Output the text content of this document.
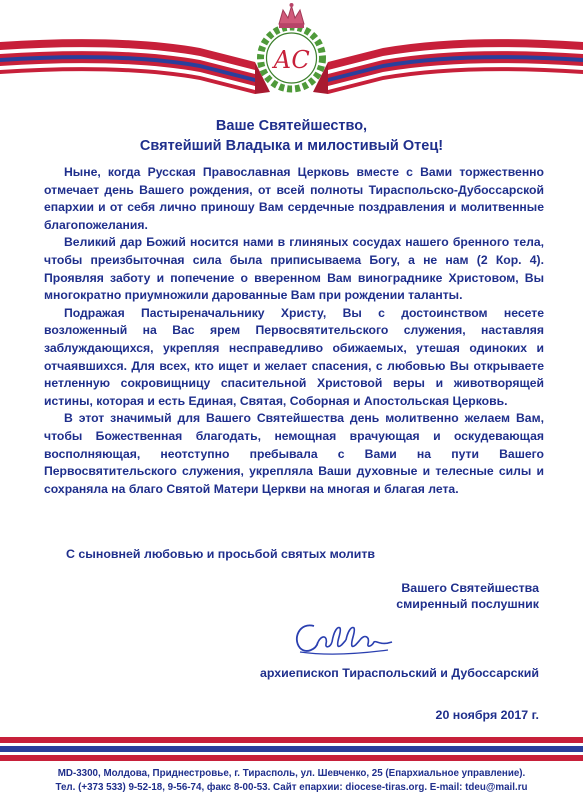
АС
Ваше Святейшество,
Святейший Владыка и милостивый Отец!

Ныне, когда Русская Православная Церковь вместе с Вами торжественно отмечает день Вашего рождения, от всей полноты Тираспольско-Дубоссарской епархии и от себя лично приношу Вам сердечные поздравления и молитвенные благопожелания.

Великий дар Божий носится нами в глиняных сосудах нашего бренного тела, чтобы преизбыточная сила была приписываема Богу, а не нам (2 Кор. 4). Проявляя заботу и попечение о вверенном Вам винограднике Христовом, Вы многократно приумножили дарованные Вам при рождении таланты.

Подражая Пастыреначальнику Христу, Вы с достоинством несете возложенный на Вас ярем Первосвятительского служения, наставляя заблуждающихся, укрепляя несправедливо обижаемых, утешая одиноких и отчаявшихся. Для всех, кто ищет и желает спасения, с любовью Вы открываете нетленную сокровищницу спасительной Христовой веры и животворящей истины, которая и есть Единая, Святая, Соборная и Апостольская Церковь.

В этот значимый для Вашего Святейшества день молитвенно желаем Вам, чтобы Божественная благодать, немощная врачующая и оскудевающая восполняющая, неотступно пребывала с Вами на пути Вашего Первосвятительского служения, укрепляла Ваши духовные и телесные силы и сохраняла на благо Святой Матери Церкви на многая и благая лета.

С сыновней любовью и просьбой святых молитв
Вашего Святейшества
смиренный послушник
архиепископ Тираспольский и Дубоссарский
20 ноября 2017 г.
MD-3300, Молдова, Приднестровье, г. Тирасполь, ул. Шевченко, 25 (Епархиальное управление).
Тел. (+373 533) 9-52-18, 9-56-74, факс 8-00-53. Сайт епархии: diocese-tiras.org. E-mail: tdeu@mail.ru
